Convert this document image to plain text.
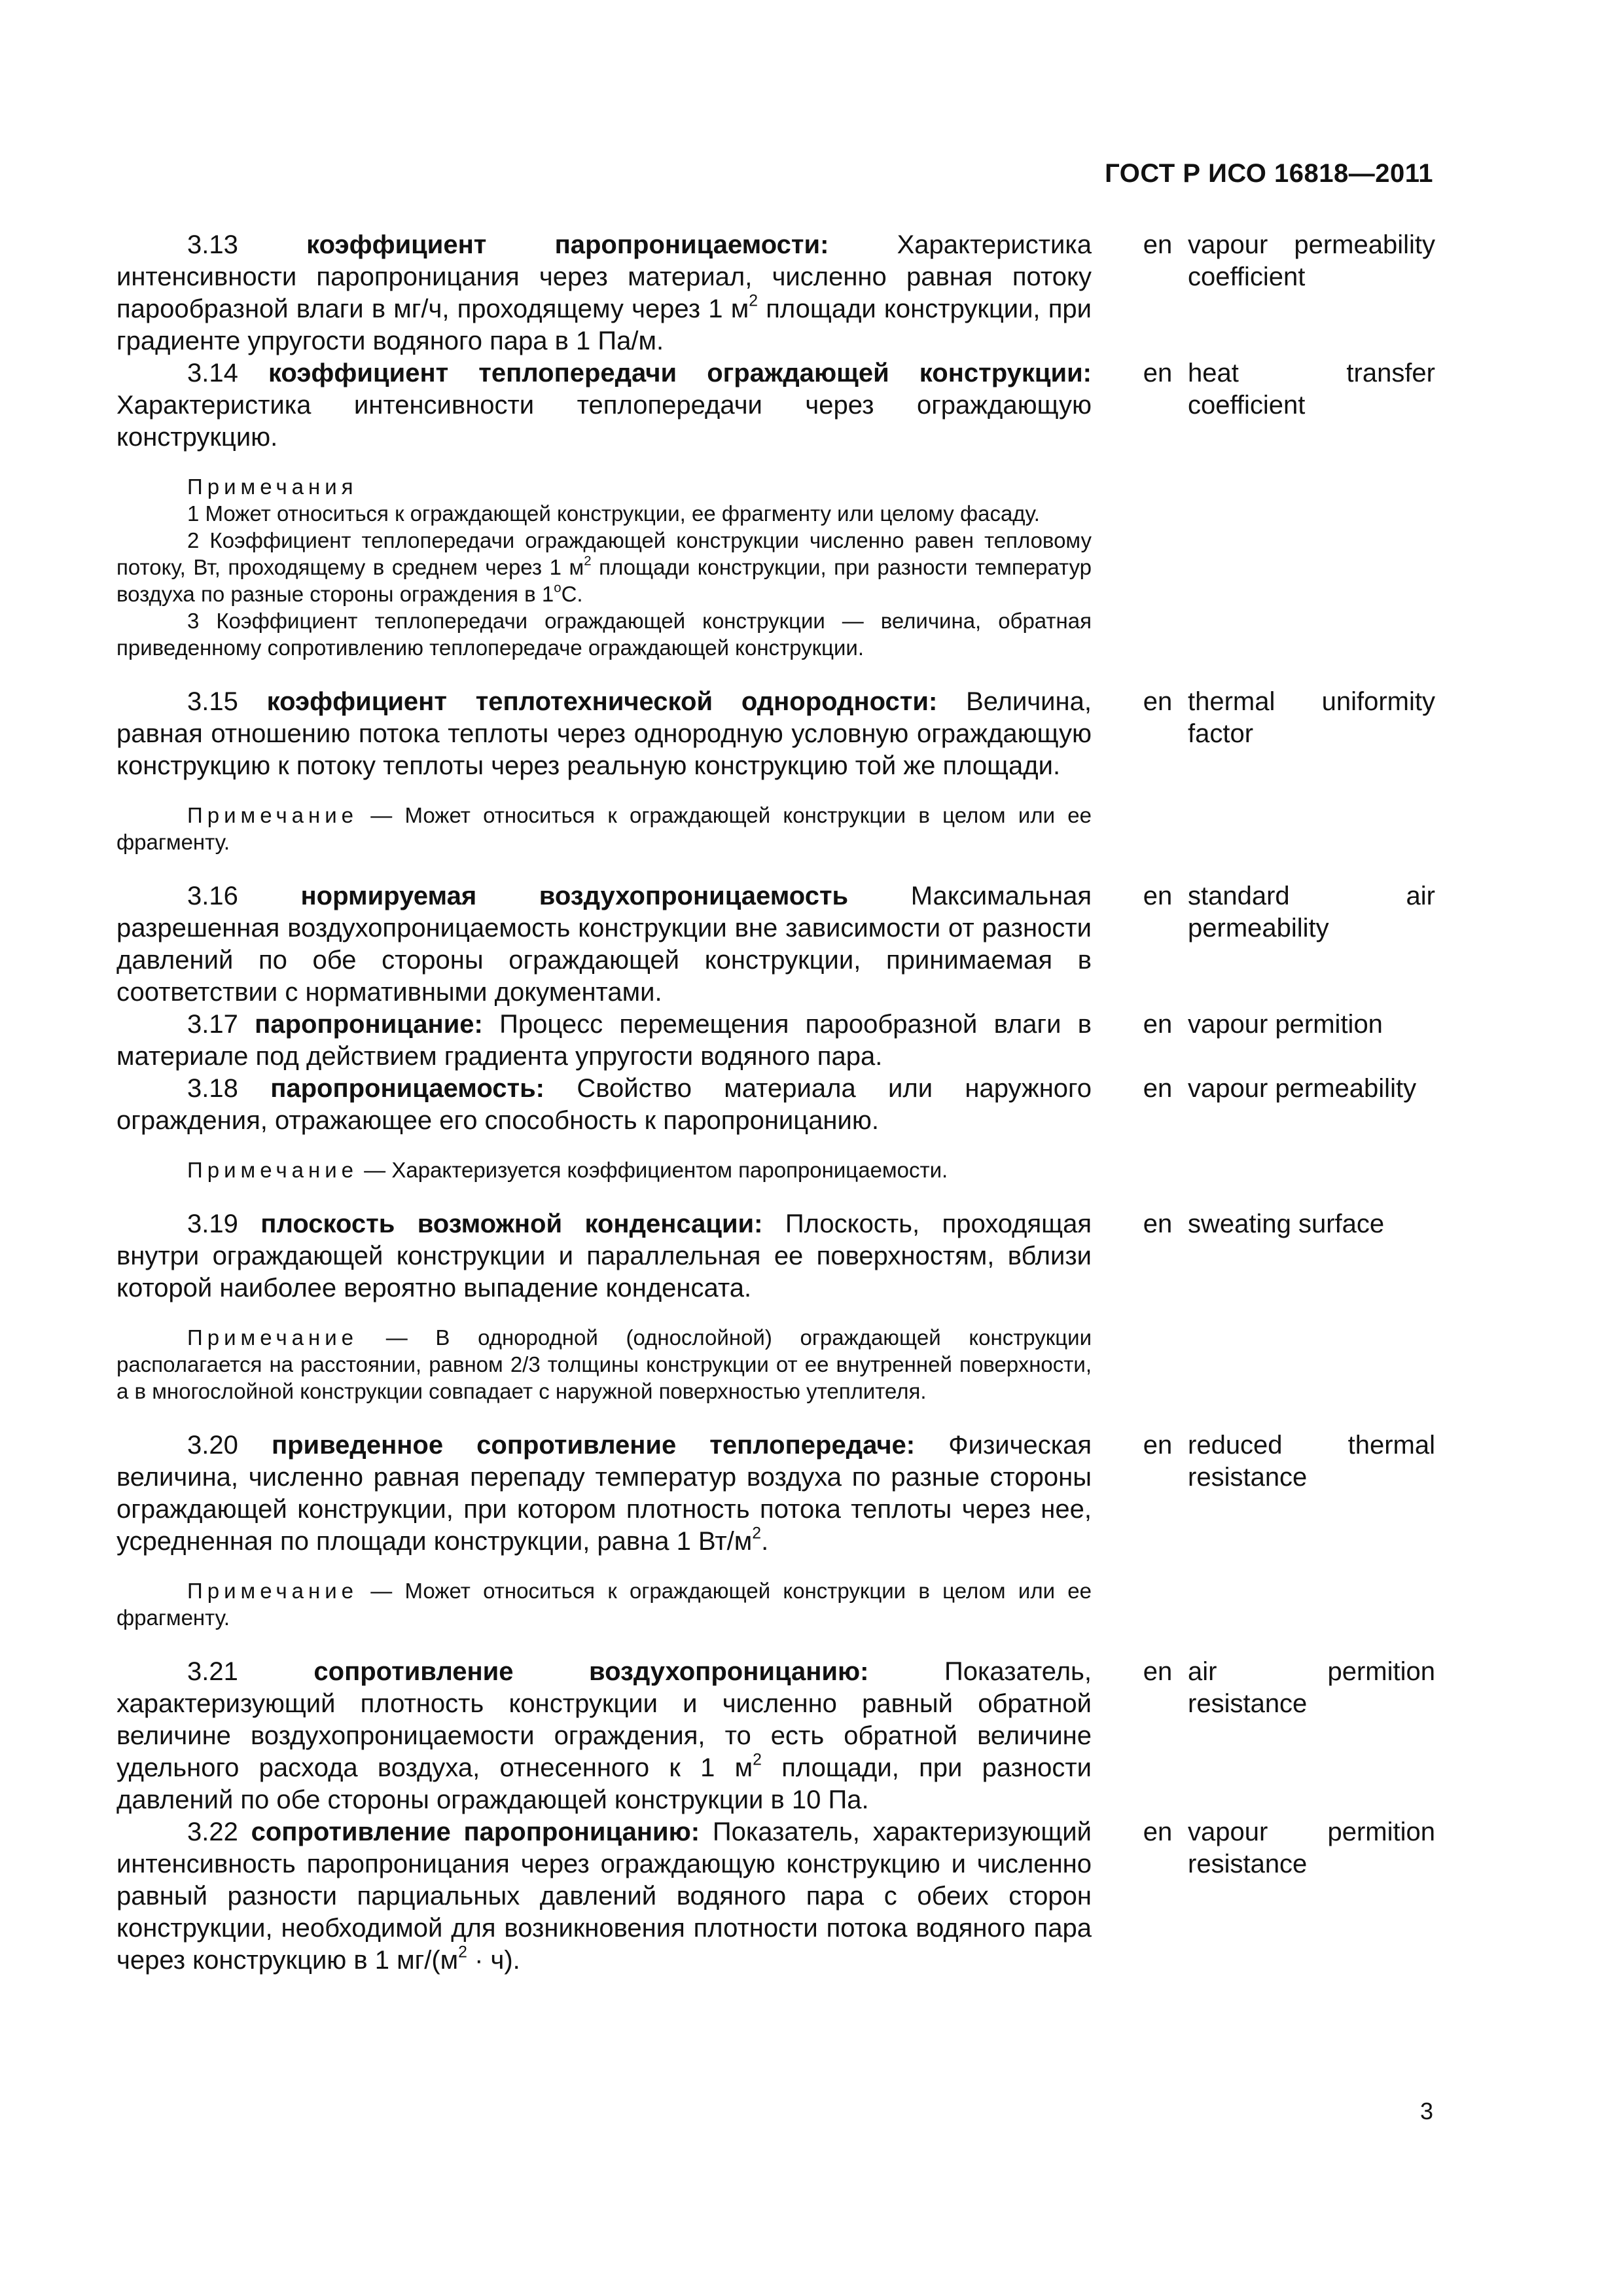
ГОСТ Р ИСО 16818—2011
3.13	коэффициент паропроницаемости: Характеристика интенсивности паропроницания через материал, численно равная потоку парообразной влаги в мг/ч, проходящему через 1 $м^2$ площади конструкции, при градиенте упругости водяного пара в 1 Па/м.
en vapour permeability coefficient
3.14 коэффициент теплопередачи ограждающей конструкции: Характеристика интенсивности теплопередачи через ограждающую конструкцию.
en heat transfer coefficient
Примечания
1 Может относиться к ограждающей конструкции, ее фрагменту или целому фасаду.
2 Коэффициент теплопередачи ограждающей конструкции численно равен тепловому потоку, Вт, проходящему в среднем через 1 $м^2$ площади конструкции, при разности температур воздуха по разные стороны ограждения в $1^оС$.
3 Коэффициент теплопередачи ограждающей конструкции — величина, обратная приведенному сопротивлению теплопередаче ограждающей конструкции.
3.15 коэффициент теплотехнической однородности: Величина, равная отношению потока теплоты через однородную условную ограждающую конструкцию к потоку теплоты через реальную конструкцию той же площади.
en thermal uniformity factor
Примечание — Может относиться к ограждающей конструкции в целом или ее фрагменту.
3.16 нормируемая воздухопроницаемость Максимальная разрешенная воздухопроницаемость конструкции вне зависимости от разности давлений по обе стороны ограждающей конструкции, принимаемая в соответствии с нормативными документами.
en standard air permeability
3.17 паропроницание: Процесс перемещения парообразной влаги в материале под действием градиента упругости водяного пара.
en vapour permition
3.18 паропроницаемость: Свойство материала или наружного ограждения, отражающее его способность к паропроницанию.
en vapour permeability
Примечание — Характеризуется коэффициентом паропроницаемости.
3.19 плоскость возможной конденсации: Плоскость, проходящая внутри ограждающей конструкции и параллельная ее поверхностям, вблизи которой наиболее вероятно выпадение конденсата.
en sweating surface
Примечание — В однородной (однослойной) ограждающей конструкции располагается на расстоянии, равном 2/3 толщины конструкции от ее внутренней поверхности, а в многослойной конструкции совпадает с наружной поверхностью утеплителя.
3.20 приведенное сопротивление теплопередаче: Физическая величина, численно равная перепаду температур воздуха по разные стороны ограждающей конструкции, при котором плотность потока теплоты через нее, усредненная по площади конструкции, равна 1 $Вт/м^2$.
en reduced thermal resistance
Примечание — Может относиться к ограждающей конструкции в целом или ее фрагменту.
3.21	сопротивление воздухопроницанию: Показатель, характеризующий плотность конструкции и численно равный обратной величине воздухопроницаемости ограждения, то есть обратной величине удельного расхода воздуха, отнесенного к 1 $м^2$ площади, при разности давлений по обе стороны ограждающей конструкции в 10 Па.
en air permition resistance
3.22 сопротивление паропроницанию: Показатель, характеризующий интенсивность паропроницания через ограждающую конструкцию и численно равный разности парциальных давлений водяного пара с обеих сторон конструкции, необходимой для возникновения плотности потока водяного пара через конструкцию в 1 $мг/(м^2 \cdot ч)$.
en vapour permition resistance
3
